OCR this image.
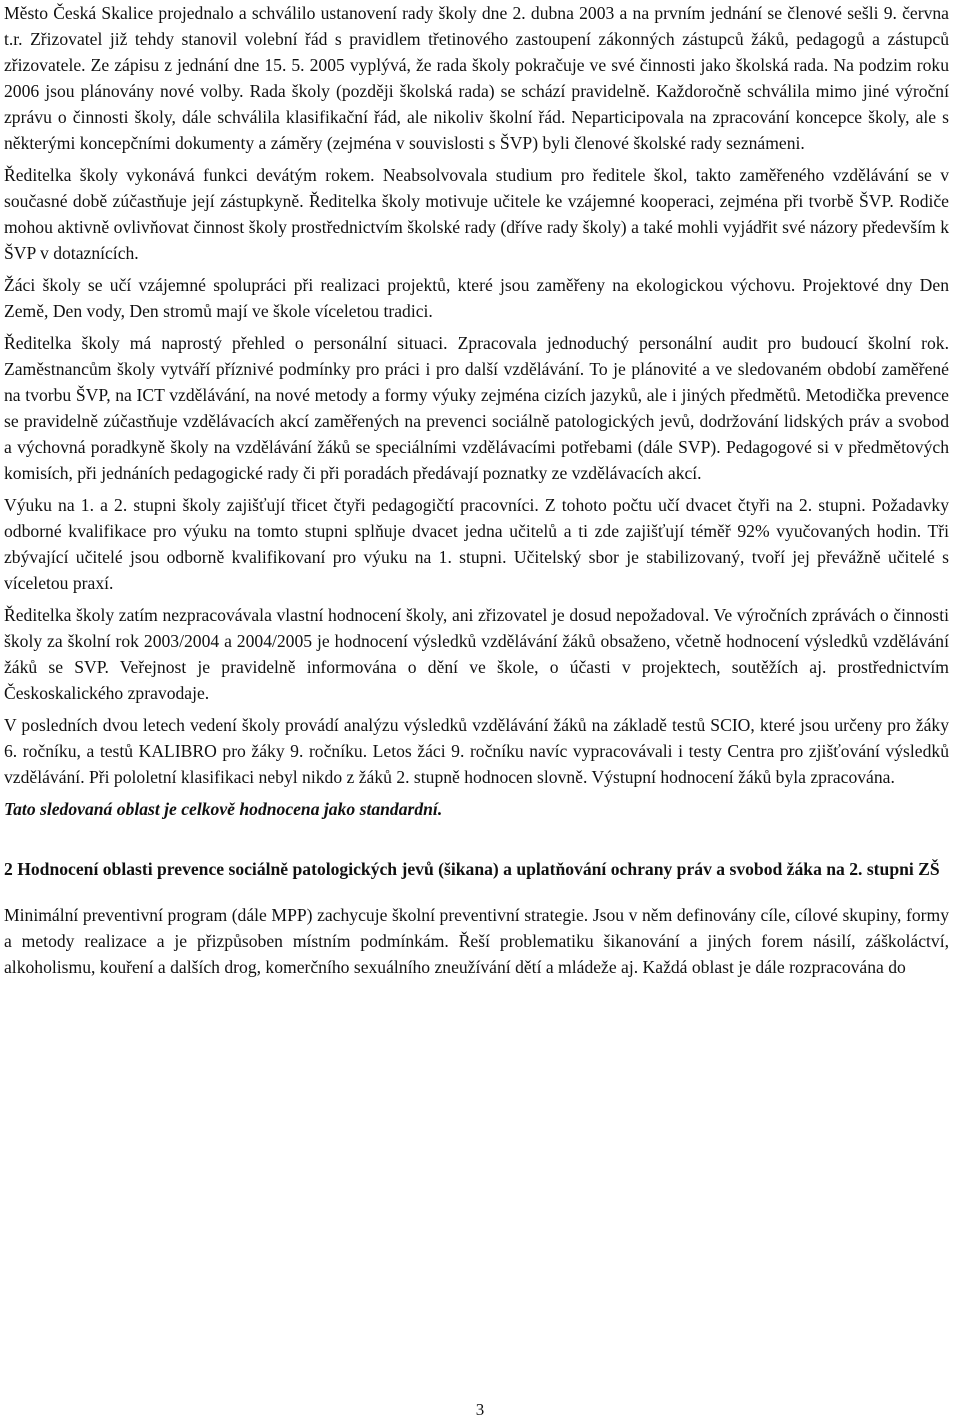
Město Česká Skalice projednalo a schválilo ustanovení rady školy dne 2. dubna 2003 a na prvním jednání se členové sešli 9. června t.r. Zřizovatel již tehdy stanovil volební řád s pravidlem třetinového zastoupení zákonných zástupců žáků, pedagogů a zástupců zřizovatele. Ze zápisu z jednání dne 15. 5. 2005 vyplývá, že rada školy pokračuje ve své činnosti jako školská rada. Na podzim roku 2006 jsou plánovány nové volby. Rada školy (později školská rada) se schází pravidelně. Každoročně schválila mimo jiné výroční zprávu o činnosti školy, dále schválila klasifikační řád, ale nikoliv školní řád. Neparticipovala na zpracování koncepce školy, ale s některými koncepčními dokumenty a záměry (zejména v souvislosti s ŠVP) byli členové školské rady seznámeni.

Ředitelka školy vykonává funkci devátým rokem. Neabsolvovala studium pro ředitele škol, takto zaměřeného vzdělávání se v současné době zúčastňuje její zástupkyně. Ředitelka školy motivuje učitele ke vzájemné kooperaci, zejména při tvorbě ŠVP. Rodiče mohou aktivně ovlivňovat činnost školy prostřednictvím školské rady (dříve rady školy) a také mohli vyjádřit své názory především k ŠVP v dotaznících.

Žáci školy se učí vzájemné spolupráci při realizaci projektů, které jsou zaměřeny na ekologickou výchovu. Projektové dny Den Země, Den vody, Den stromů mají ve škole víceletou tradici.

Ředitelka školy má naprostý přehled o personální situaci. Zpracovala jednoduchý personální audit pro budoucí školní rok. Zaměstnancům školy vytváří příznivé podmínky pro práci i pro další vzdělávání. To je plánovité a ve sledovaném období zaměřené na tvorbu ŠVP, na ICT vzdělávání, na nové metody a formy výuky zejména cizích jazyků, ale i jiných předmětů. Metodička prevence se pravidelně zúčastňuje vzdělávacích akcí zaměřených na prevenci sociálně patologických jevů, dodržování lidských práv a svobod a výchovná poradkyně školy na vzdělávání žáků se speciálními vzdělávacími potřebami (dále SVP). Pedagogové si v předmětových komisích, při jednáních pedagogické rady či při poradách předávají poznatky ze vzdělávacích akcí.

Výuku na 1. a 2. stupni školy zajišťují třicet čtyři pedagogičtí pracovníci. Z tohoto počtu učí dvacet čtyři na 2. stupni. Požadavky odborné kvalifikace pro výuku na tomto stupni splňuje dvacet jedna učitelů a ti zde zajišťují téměř 92% vyučovaných hodin. Tři zbývající učitelé jsou odborně kvalifikovaní pro výuku na 1. stupni. Učitelský sbor je stabilizovaný, tvoří jej převážně učitelé s víceletou praxí.

Ředitelka školy zatím nezpracovávala vlastní hodnocení školy, ani zřizovatel je dosud nepožadoval. Ve výročních zprávách o činnosti školy za školní rok 2003/2004 a 2004/2005 je hodnocení výsledků vzdělávání žáků obsaženo, včetně hodnocení výsledků vzdělávání žáků se SVP. Veřejnost je pravidelně informována o dění ve škole, o účasti v projektech, soutěžích aj. prostřednictvím Českoskalického zpravodaje.

V posledních dvou letech vedení školy provádí analýzu výsledků vzdělávání žáků na základě testů SCIO, které jsou určeny pro žáky 6. ročníku, a testů KALIBRO pro žáky 9. ročníku. Letos žáci 9. ročníku navíc vypracovávali i testy Centra pro zjišťování výsledků vzdělávání. Při pololetní klasifikaci nebyl nikdo z žáků 2. stupně hodnocen slovně. Výstupní hodnocení žáků byla zpracována.

Tato sledovaná oblast je celkově hodnocena jako standardní.

2 Hodnocení oblasti prevence sociálně patologických jevů (šikana) a uplatňování ochrany práv a svobod žáka na 2. stupni ZŠ

Minimální preventivní program (dále MPP) zachycuje školní preventivní strategie. Jsou v něm definovány cíle, cílové skupiny, formy a metody realizace a je přizpůsoben místním podmínkám. Řeší problematiku šikanování a jiných forem násilí, záškoláctví, alkoholismu, kouření a dalších drog, komerčního sexuálního zneužívání dětí a mládeže aj. Každá oblast je dále rozpracována do

3
